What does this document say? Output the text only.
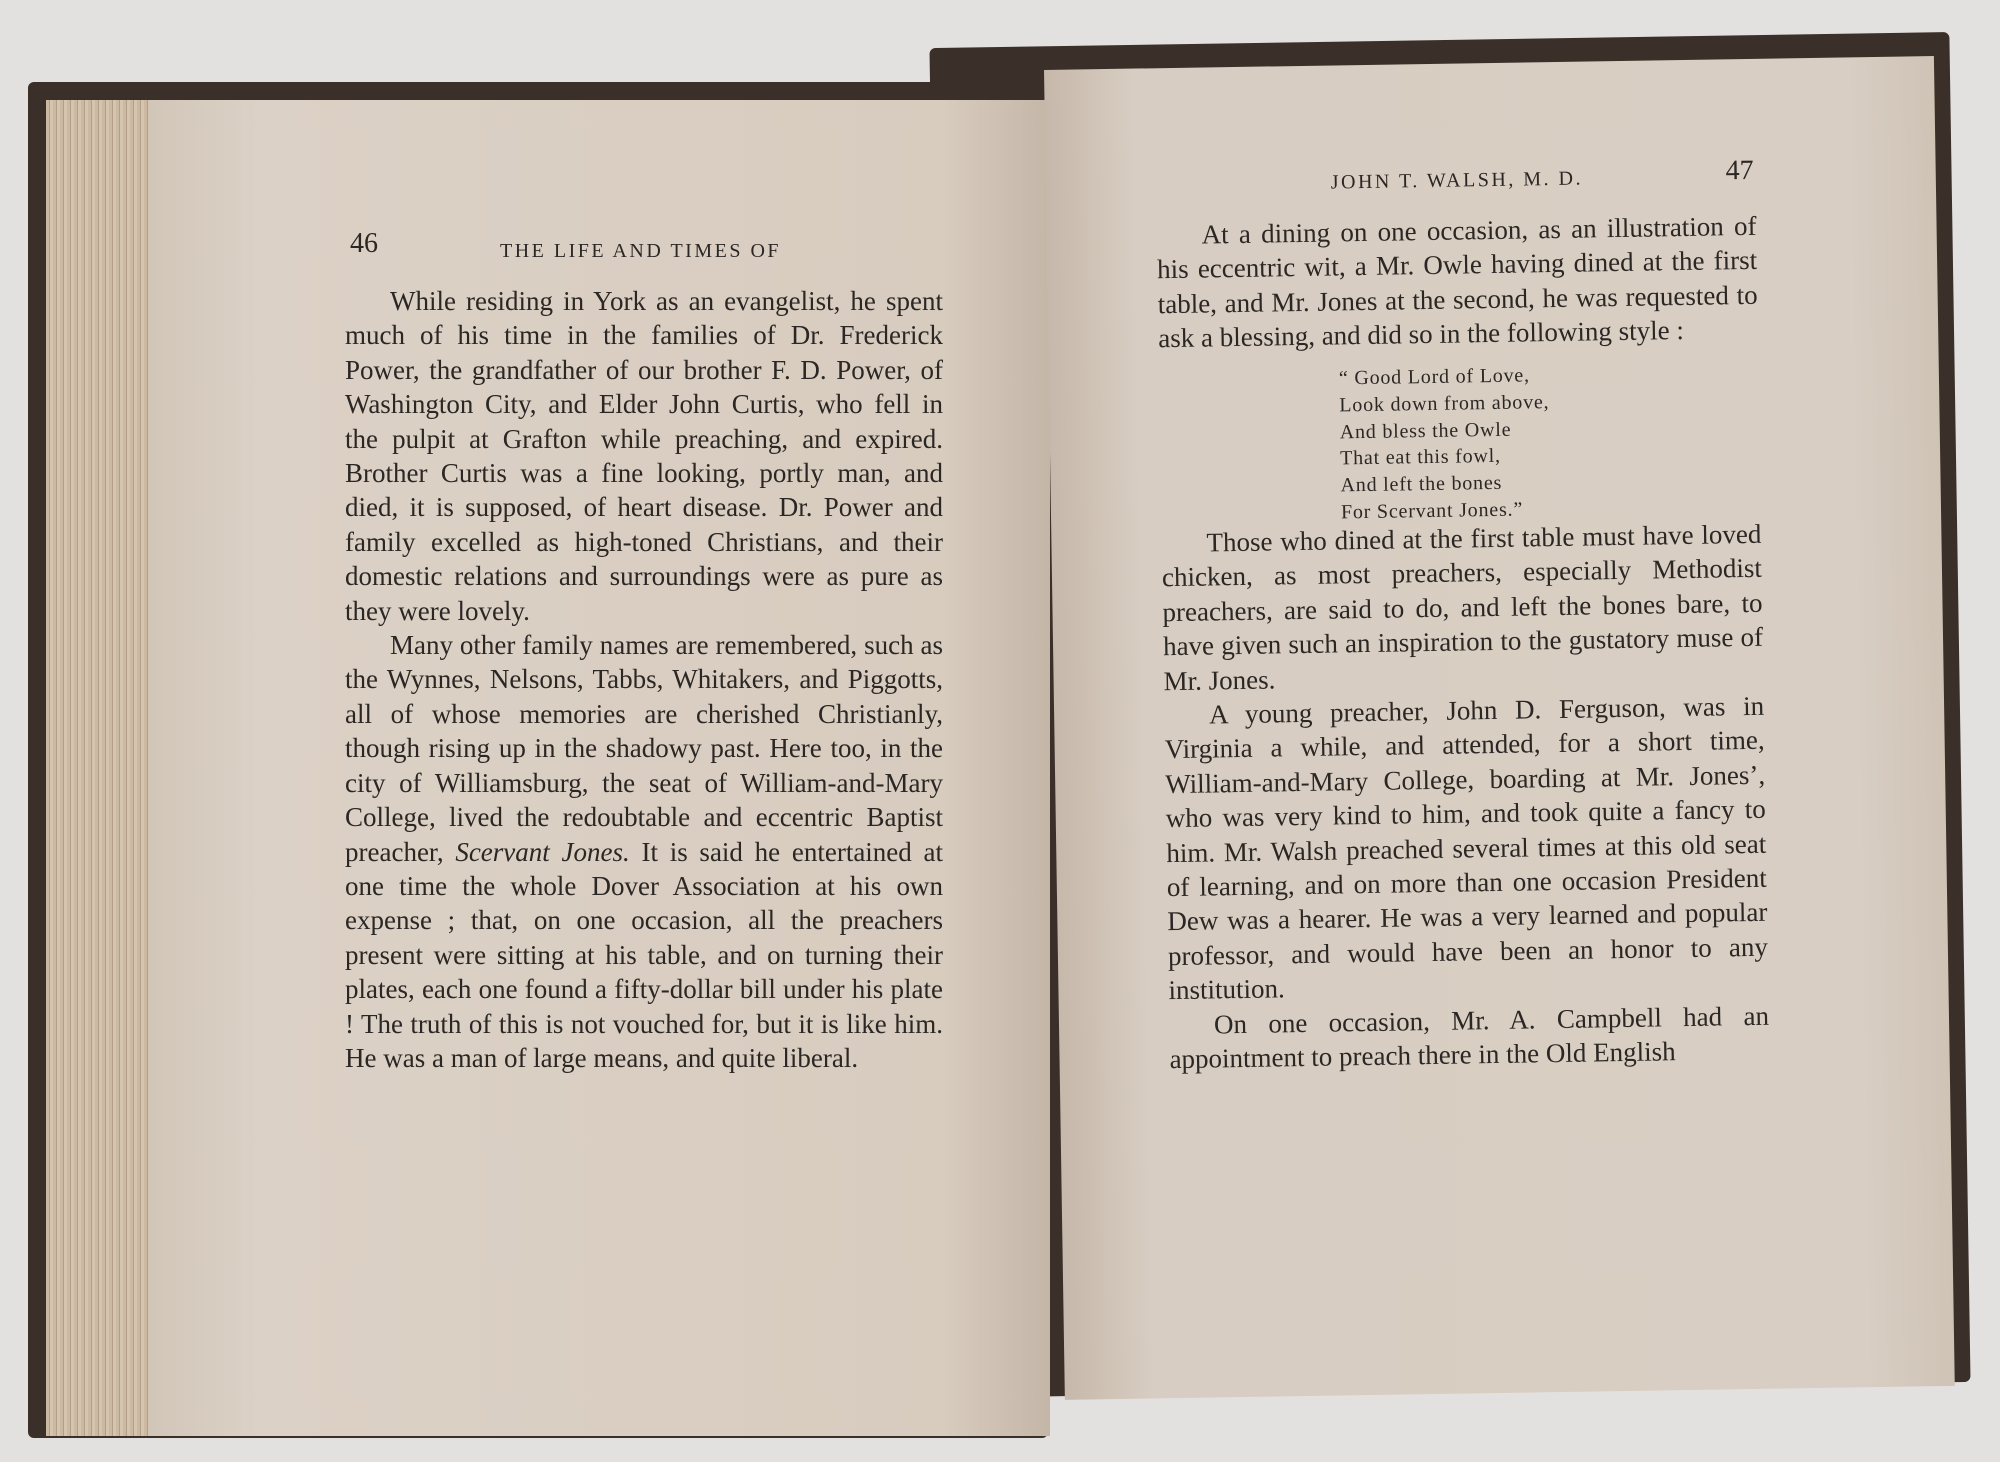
46	THE LIFE AND TIMES OF

While residing in York as an evangelist, he spent much of his time in the families of Dr. Frederick Power, the grandfather of our brother F. D. Power, of Washington City, and Elder John Curtis, who fell in the pulpit at Grafton while preaching, and expired. Brother Curtis was a fine looking, portly man, and died, it is supposed, of heart disease. Dr. Power and family excelled as high-toned Christians, and their domestic relations and surroundings were as pure as they were lovely.

Many other family names are remembered, such as the Wynnes, Nelsons, Tabbs, Whitakers, and Piggotts, all of whose memories are cherished Christianly, though rising up in the shadowy past. Here too, in the city of Williamsburg, the seat of William-and-Mary College, lived the redoubtable and eccentric Baptist preacher, Scervant Jones. It is said he entertained at one time the whole Dover Association at his own expense ; that, on one occasion, all the preachers present were sitting at his table, and on turning their plates, each one found a fifty-dollar bill under his plate ! The truth of this is not vouched for, but it is like him. He was a man of large means, and quite liberal.

JOHN T. WALSH, M. D.	47

At a dining on one occasion, as an illustration of his eccentric wit, a Mr. Owle having dined at the first table, and Mr. Jones at the second, he was requested to ask a blessing, and did so in the following style :

“ Good Lord of Love,
Look down from above,
And bless the Owle
That eat this fowl,
And left the bones
For Scervant Jones.”

Those who dined at the first table must have loved chicken, as most preachers, especially Methodist preachers, are said to do, and left the bones bare, to have given such an inspiration to the gustatory muse of Mr. Jones.

A young preacher, John D. Ferguson, was in Virginia a while, and attended, for a short time, William-and-Mary College, boarding at Mr. Jones’, who was very kind to him, and took quite a fancy to him. Mr. Walsh preached several times at this old seat of learning, and on more than one occasion President Dew was a hearer. He was a very learned and popular professor, and would have been an honor to any institution.

On one occasion, Mr. A. Campbell had an appointment to preach there in the Old English
